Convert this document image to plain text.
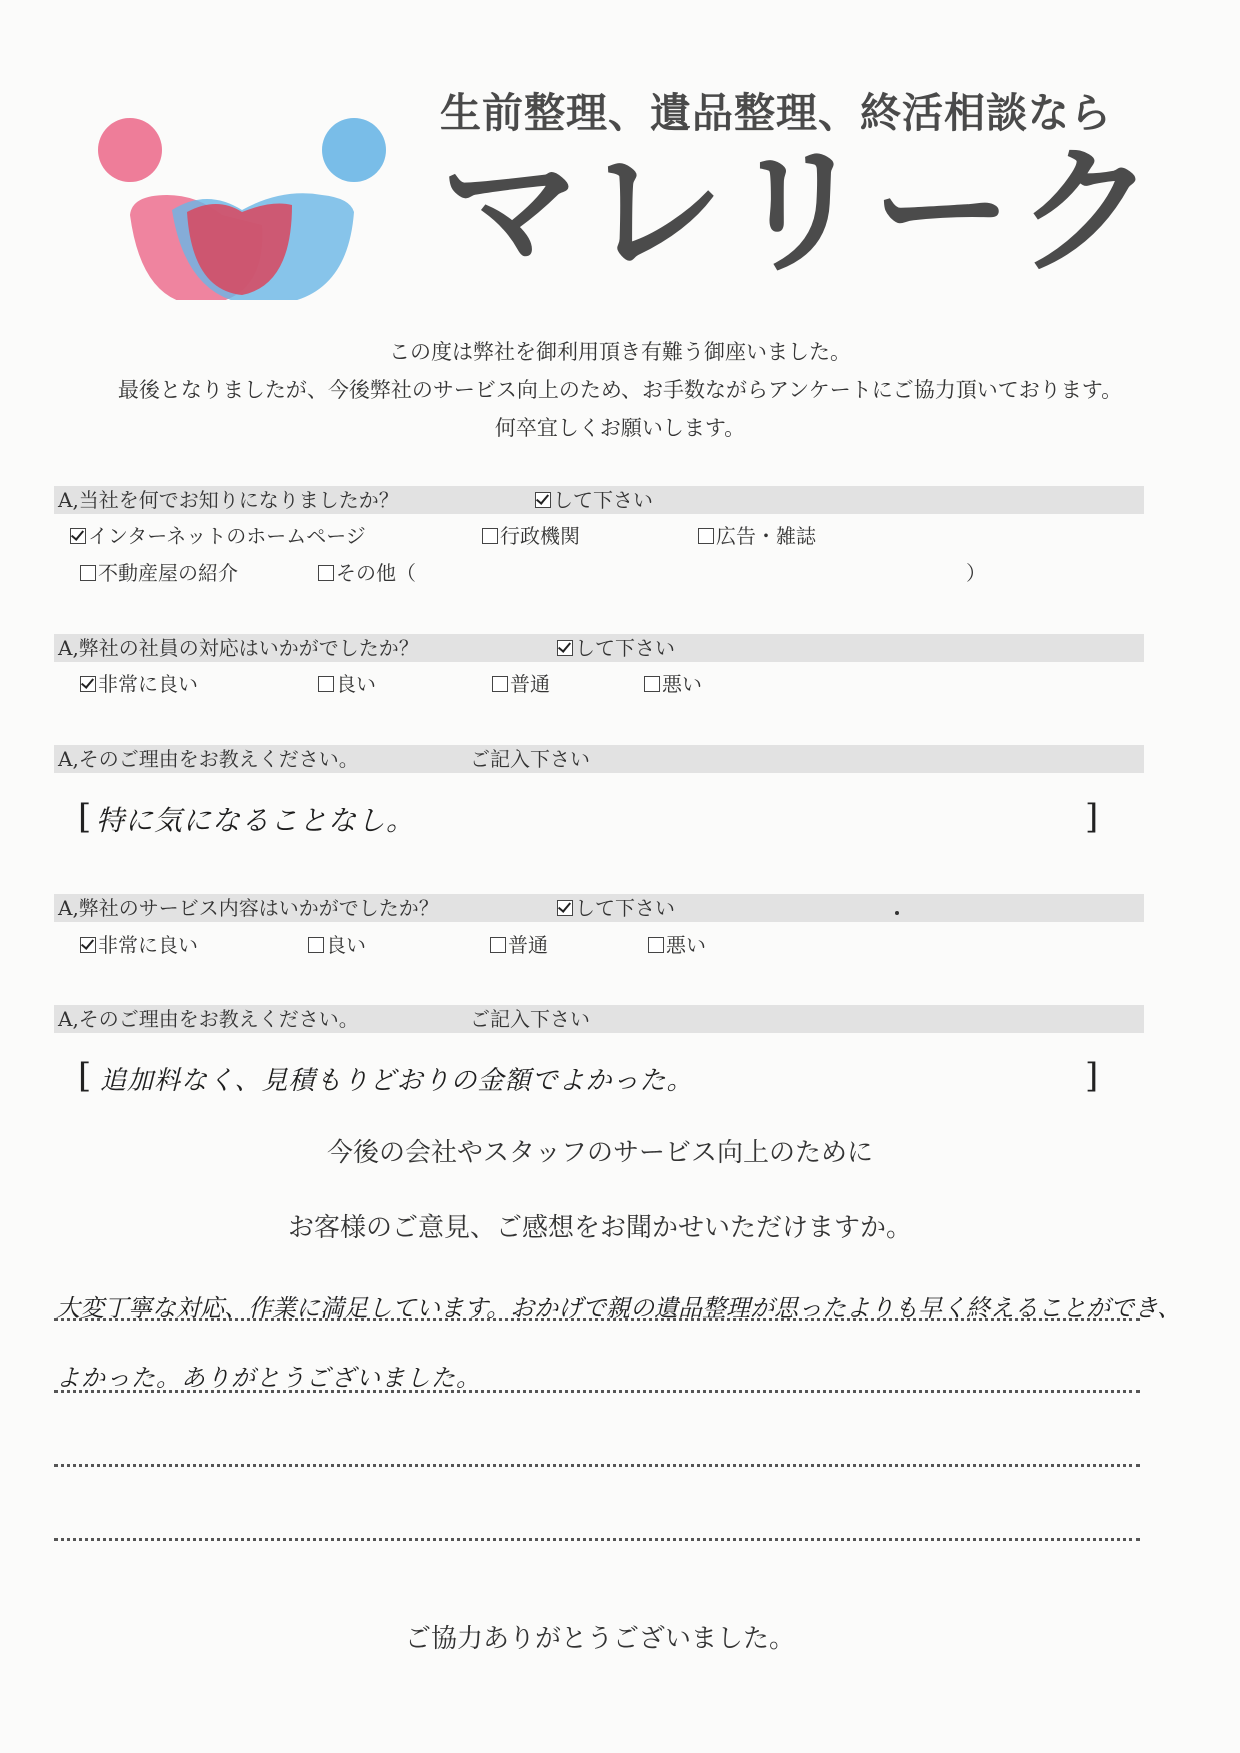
生前整理、遺品整理、終活相談なら
マレリーク
この度は弊社を御利用頂き有難う御座いました。
最後となりましたが、今後弊社のサービス向上のため、お手数ながらアンケートにご協力頂いております。
何卒宜しくお願いします。
A,当社を何でお知りになりましたか？	して下さい
インターネットのホームページ	行政機関	広告・雑誌
不動産屋の紹介	その他（	）
A,弊社の社員の対応はいかがでしたか？	して下さい
非常に良い	良い	普通	悪い
A,そのご理由をお教えください。	ご記入下さい
[ 特に気になることなし。	]
A,弊社のサービス内容はいかがでしたか？	して下さい
非常に良い	良い	普通	悪い
A,そのご理由をお教えください。	ご記入下さい
[ 追加料なく、見積もりどおりの金額でよかった。	]
今後の会社やスタッフのサービス向上のために
お客様のご意見、ご感想をお聞かせいただけますか。
大変丁寧な対応、作業に満足しています。おかげで親の遺品整理が思ったよりも早く終えることができ、
よかった。ありがとうございました。
ご協力ありがとうございました。
